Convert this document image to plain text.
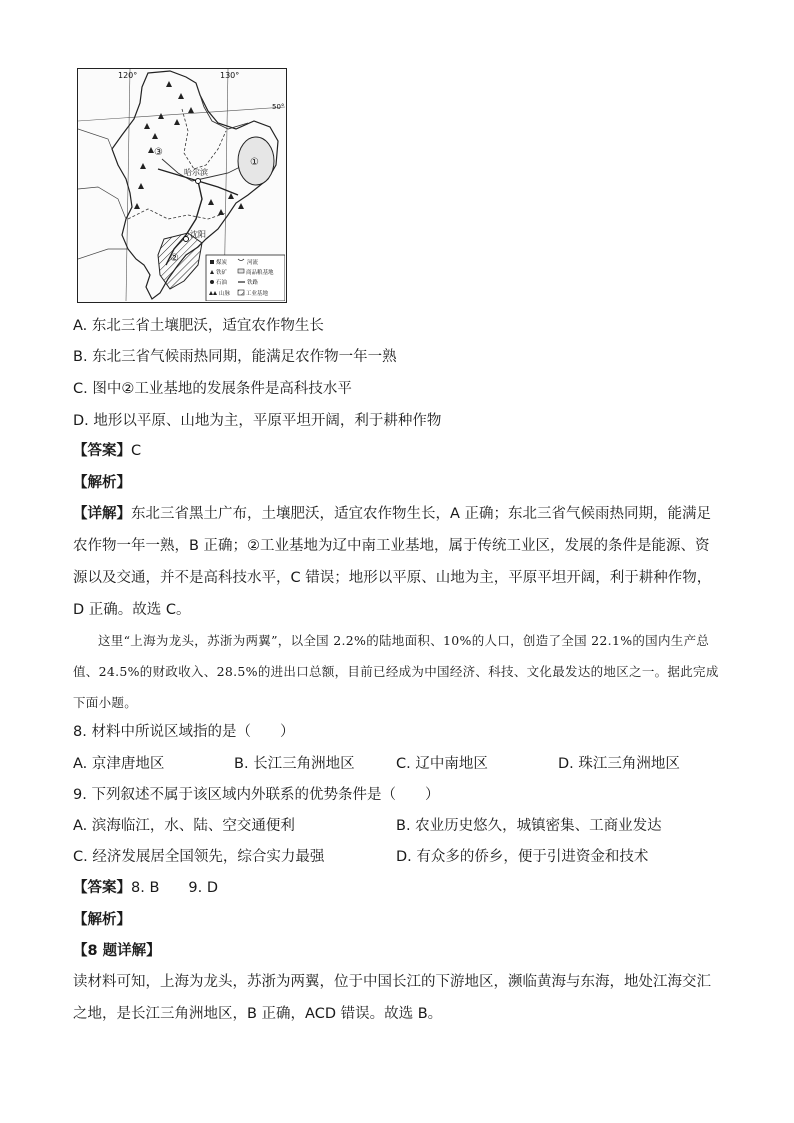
120°	130°
50°
哈尔滨
沈阳
①
②
③
煤炭
铁矿
石油
山脉
河流
商品粮基地
铁路
工业基地
A. 东北三省土壤肥沃，适宜农作物生长
B. 东北三省气候雨热同期，能满足农作物一年一熟
C. 图中②工业基地的发展条件是高科技水平
D. 地形以平原、山地为主，平原平坦开阔，利于耕种作物
【答案】C
【解析】
【详解】东北三省黑土广布，土壤肥沃，适宜农作物生长，A 正确；东北三省气候雨热同期，能满足农作物一年一熟，B 正确；②工业基地为辽中南工业基地，属于传统工业区，发展的条件是能源、资源以及交通，并不是高科技水平，C 错误；地形以平原、山地为主，平原平坦开阔，利于耕种作物，D 正确。故选 C。
这里“上海为龙头，苏浙为两翼”，以全国 2.2%的陆地面积、10%的人口，创造了全国 22.1%的国内生产总值、24.5%的财政收入、28.5%的进出口总额，目前已经成为中国经济、科技、文化最发达的地区之一。据此完成下面小题。
8. 材料中所说区域指的是（　　）
A. 京津唐地区	B. 长江三角洲地区	C. 辽中南地区	D. 珠江三角洲地区
9. 下列叙述不属于该区域内外联系的优势条件是（　　）
A. 滨海临江，水、陆、空交通便利	B. 农业历史悠久，城镇密集、工商业发达
C. 经济发展居全国领先，综合实力最强	D. 有众多的侨乡，便于引进资金和技术
【答案】8. B　　9. D
【解析】
【8 题详解】
读材料可知，上海为龙头，苏浙为两翼，位于中国长江的下游地区，濒临黄海与东海，地处江海交汇之地，是长江三角洲地区，B 正确，ACD 错误。故选 B。
